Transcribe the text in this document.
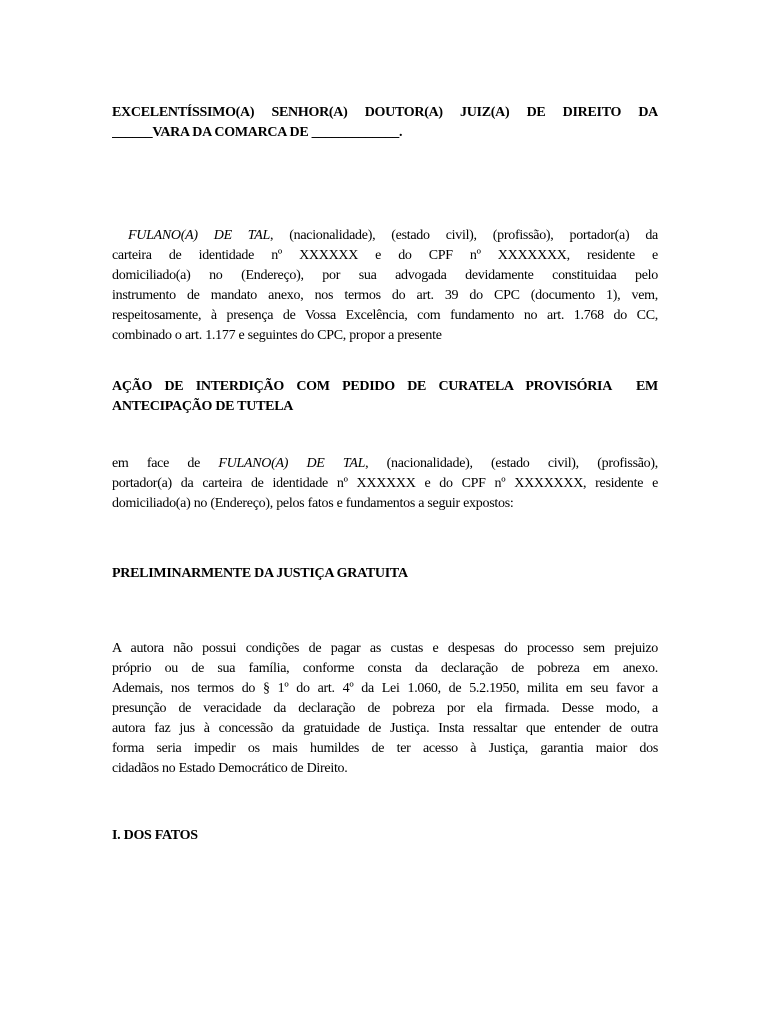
EXCELENTÍSSIMO(A) SENHOR(A) DOUTOR(A) JUIZ(A) DE DIREITO DA
______VARA DA COMARCA DE _____________.
FULANO(A) DE TAL, (nacionalidade), (estado civil), (profissão), portador(a) da
carteira de identidade nº XXXXXX e do CPF nº XXXXXXX, residente e
domiciliado(a) no (Endereço), por sua advogada devidamente constituidaa pelo
instrumento de mandato anexo, nos termos do art. 39 do CPC (documento 1), vem,
respeitosamente, à presença de Vossa Excelência, com fundamento no art. 1.768 do CC,
combinado o art. 1.177 e seguintes do CPC, propor a presente
AÇÃO DE INTERDIÇÃO COM PEDIDO DE CURATELA PROVISÓRIA  EM
ANTECIPAÇÃO DE TUTELA
em face de FULANO(A) DE TAL, (nacionalidade), (estado civil), (profissão),
portador(a) da carteira de identidade nº XXXXXX e do CPF nº XXXXXXX, residente e
domiciliado(a) no (Endereço), pelos fatos e fundamentos a seguir expostos:
PRELIMINARMENTE DA JUSTIÇA GRATUITA
A autora não possui condições de pagar as custas e despesas do processo sem prejuizo
próprio ou de sua família, conforme consta da declaração de pobreza em anexo.
Ademais, nos termos do § 1º do art. 4º da Lei 1.060, de 5.2.1950, milita em seu favor a
presunção de veracidade da declaração de pobreza por ela firmada. Desse modo, a
autora faz jus à concessão da gratuidade de Justiça. Insta ressaltar que entender de outra
forma seria impedir os mais humildes de ter acesso à Justiça, garantia maior dos
cidadãos no Estado Democrático de Direito.
I. DOS FATOS
